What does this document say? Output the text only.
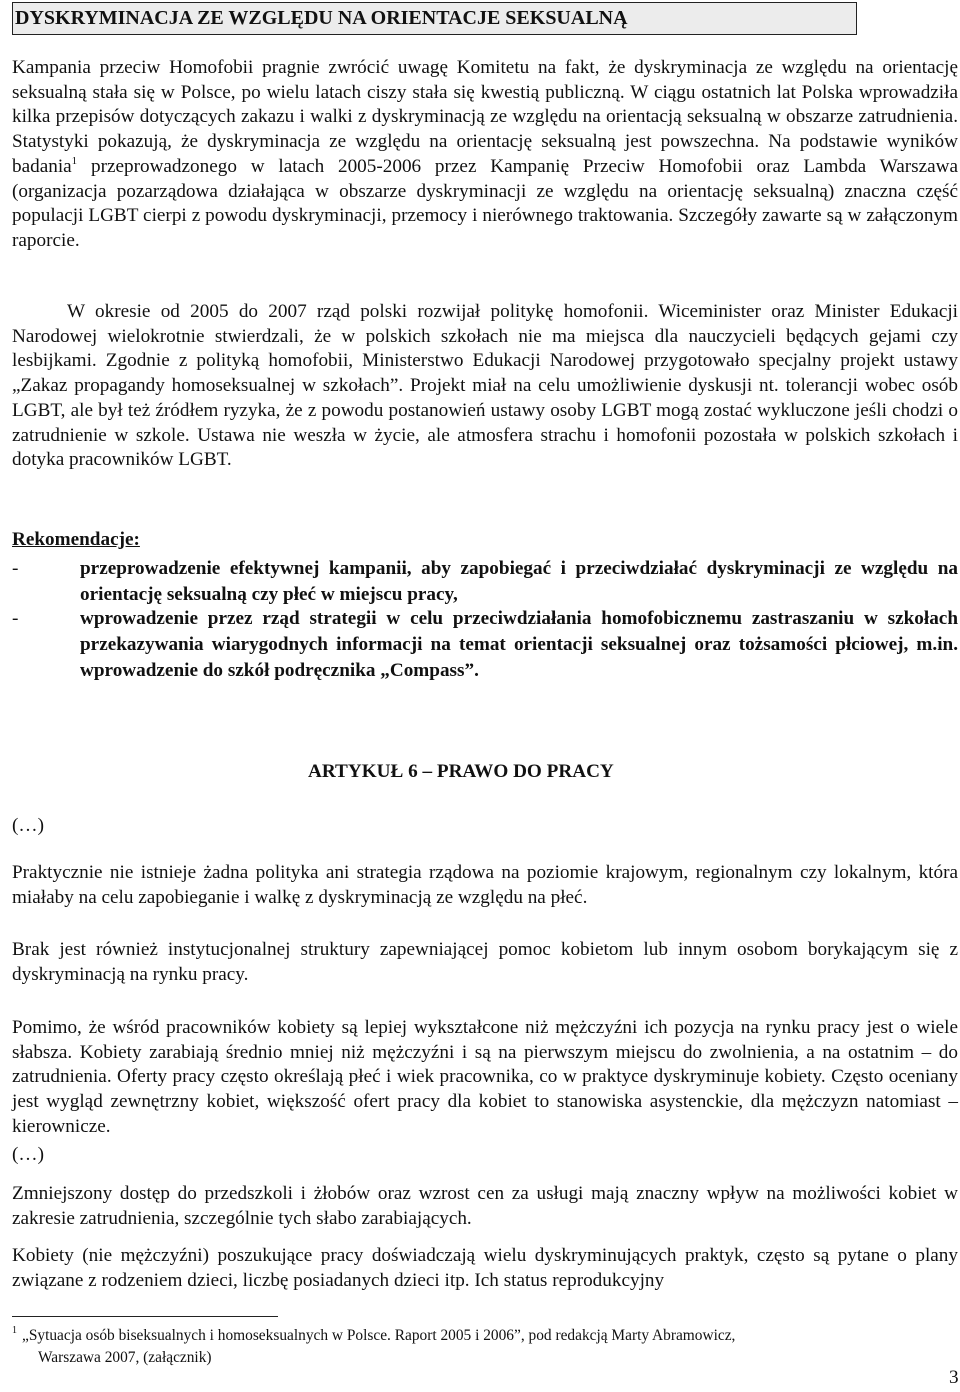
DYSKRYMINACJA ZE WZGLĘDU NA ORIENTACJE SEKSUALNĄ

Kampania przeciw Homofobii pragnie zwrócić uwagę Komitetu na fakt, że dyskryminacja ze względu na orientację seksualną stała się w Polsce, po wielu latach ciszy stała się kwestią publiczną. W ciągu ostatnich lat Polska wprowadziła kilka przepisów dotyczących zakazu i walki z dyskryminacją ze względu na orientacją seksualną w obszarze zatrudnienia. Statystyki pokazują, że dyskryminacja ze względu na orientację seksualną jest powszechna. Na podstawie wyników badania$^1$ przeprowadzonego w latach 2005-2006 przez Kampanię Przeciw Homofobii oraz Lambda Warszawa (organizacja pozarządowa działająca w obszarze dyskryminacji ze względu na orientację seksualną) znaczna część populacji LGBT cierpi z powodu dyskryminacji, przemocy i nierównego traktowania. Szczegóły zawarte są w załączonym raporcie.

W okresie od 2005 do 2007 rząd polski rozwijał politykę homofonii. Wiceminister oraz Minister Edukacji Narodowej wielokrotnie stwierdzali, że w polskich szkołach nie ma miejsca dla nauczycieli będących gejami czy lesbijkami. Zgodnie z polityką homofobii, Ministerstwo Edukacji Narodowej przygotowało specjalny projekt ustawy „Zakaz propagandy homoseksualnej w szkołach”. Projekt miał na celu umożliwienie dyskusji nt. tolerancji wobec osób LGBT, ale był też źródłem ryzyka, że z powodu postanowień ustawy osoby LGBT mogą zostać wykluczone jeśli chodzi o zatrudnienie w szkole. Ustawa nie weszła w życie, ale atmosfera strachu i homofonii pozostała w polskich szkołach i dotyka pracowników LGBT.

Rekomendacje:
-	przeprowadzenie efektywnej kampanii, aby zapobiegać i przeciwdziałać dyskryminacji ze względu na orientację seksualną czy płeć w miejscu pracy,
-	wprowadzenie przez rząd strategii w celu przeciwdziałania homofobicznemu zastraszaniu w szkołach przekazywania wiarygodnych informacji na temat orientacji seksualnej oraz tożsamości płciowej, m.in. wprowadzenie do szkół podręcznika „Compass”.
ARTYKUŁ 6 – PRAWO DO PRACY
(…)

Praktycznie nie istnieje żadna polityka ani strategia rządowa na poziomie krajowym, regionalnym czy lokalnym, która miałaby na celu zapobieganie i walkę z dyskryminacją ze względu na płeć.

Brak jest również instytucjonalnej struktury zapewniającej pomoc kobietom lub innym osobom borykającym się z dyskryminacją na rynku pracy.

Pomimo, że wśród pracowników kobiety są lepiej wykształcone niż mężczyźni ich pozycja na rynku pracy jest o wiele słabsza. Kobiety zarabiają średnio mniej niż mężczyźni i są na pierwszym miejscu do zwolnienia, a na ostatnim – do zatrudnienia. Oferty pracy często określają płeć i wiek pracownika, co w praktyce dyskryminuje kobiety. Często oceniany jest wygląd zewnętrzny kobiet, większość ofert pracy dla kobiet to stanowiska asystenckie, dla mężczyzn natomiast – kierownicze.

(…)

Zmniejszony dostęp do przedszkoli i żłobów oraz wzrost cen za usługi mają znaczny wpływ na możliwości kobiet w zakresie zatrudnienia, szczególnie tych słabo zarabiających.

Kobiety (nie mężczyźni) poszukujące pracy doświadczają wielu dyskryminujących praktyk, często są pytane o plany związane z rodzeniem dzieci, liczbę posiadanych dzieci itp. Ich status reprodukcyjny

1 „Sytuacja osób biseksualnych i homoseksualnych w Polsce. Raport 2005 i 2006”, pod redakcją Marty Abramowicz,
Warszawa 2007, (załącznik)
3
